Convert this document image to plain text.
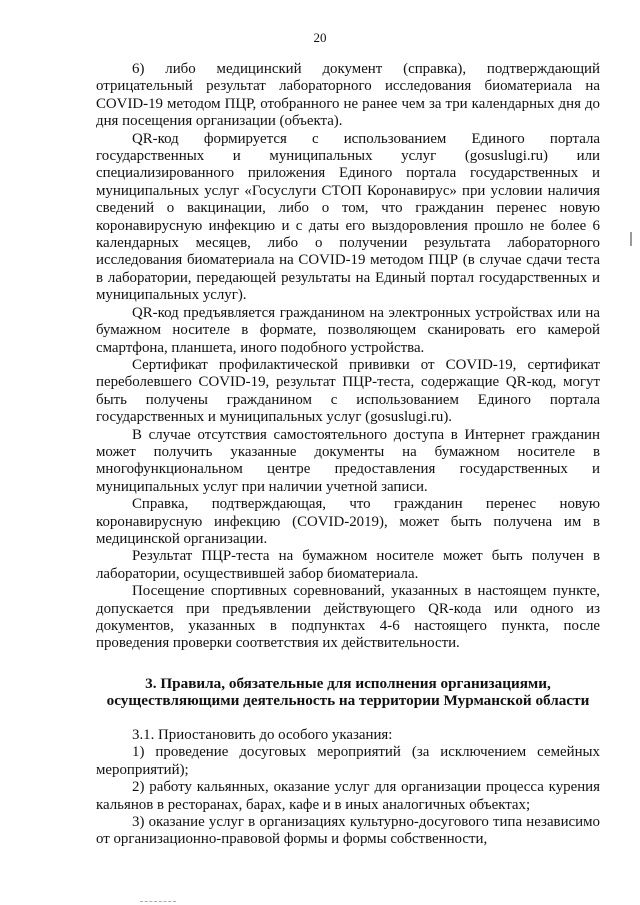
20

6) либо медицинский документ (справка), подтверждающий отрицательный результат лабораторного исследования биоматериала на COVID-19 методом ПЦР, отобранного не ранее чем за три календарных дня до дня посещения организации (объекта).

QR-код формируется с использованием Единого портала государственных и муниципальных услуг (gosuslugi.ru) или специализированного приложения Единого портала государственных и муниципальных услуг «Госуслуги СТОП Коронавирус» при условии наличия сведений о вакцинации, либо о том, что гражданин перенес новую коронавирусную инфекцию и с даты его выздоровления прошло не более 6 календарных месяцев, либо о получении результата лабораторного исследования биоматериала на COVID-19 методом ПЦР (в случае сдачи теста в лаборатории, передающей результаты на Единый портал государственных и муниципальных услуг).

QR-код предъявляется гражданином на электронных устройствах или на бумажном носителе в формате, позволяющем сканировать его камерой смартфона, планшета, иного подобного устройства.

Сертификат профилактической прививки от COVID-19, сертификат переболевшего COVID-19, результат ПЦР-теста, содержащие QR-код, могут быть получены гражданином с использованием Единого портала государственных и муниципальных услуг (gosuslugi.ru).

В случае отсутствия самостоятельного доступа в Интернет гражданин может получить указанные документы на бумажном носителе в многофункциональном центре предоставления государственных и муниципальных услуг при наличии учетной записи.

Справка, подтверждающая, что гражданин перенес новую коронавирусную инфекцию (COVID-2019), может быть получена им в медицинской организации.

Результат ПЦР-теста на бумажном носителе может быть получен в лаборатории, осуществившей забор биоматериала.

Посещение спортивных соревнований, указанных в настоящем пункте, допускается при предъявлении действующего QR-кода или одного из документов, указанных в подпунктах 4-6 настоящего пункта, после проведения проверки соответствия их действительности.

3. Правила, обязательные для исполнения организациями, осуществляющими деятельность на территории Мурманской области

3.1. Приостановить до особого указания:

1) проведение досуговых мероприятий (за исключением семейных мероприятий);

2) работу кальянных, оказание услуг для организации процесса курения кальянов в ресторанах, барах, кафе и в иных аналогичных объектах;

3) оказание услуг в организациях культурно-досугового типа независимо от организационно-правовой формы и формы собственности,
